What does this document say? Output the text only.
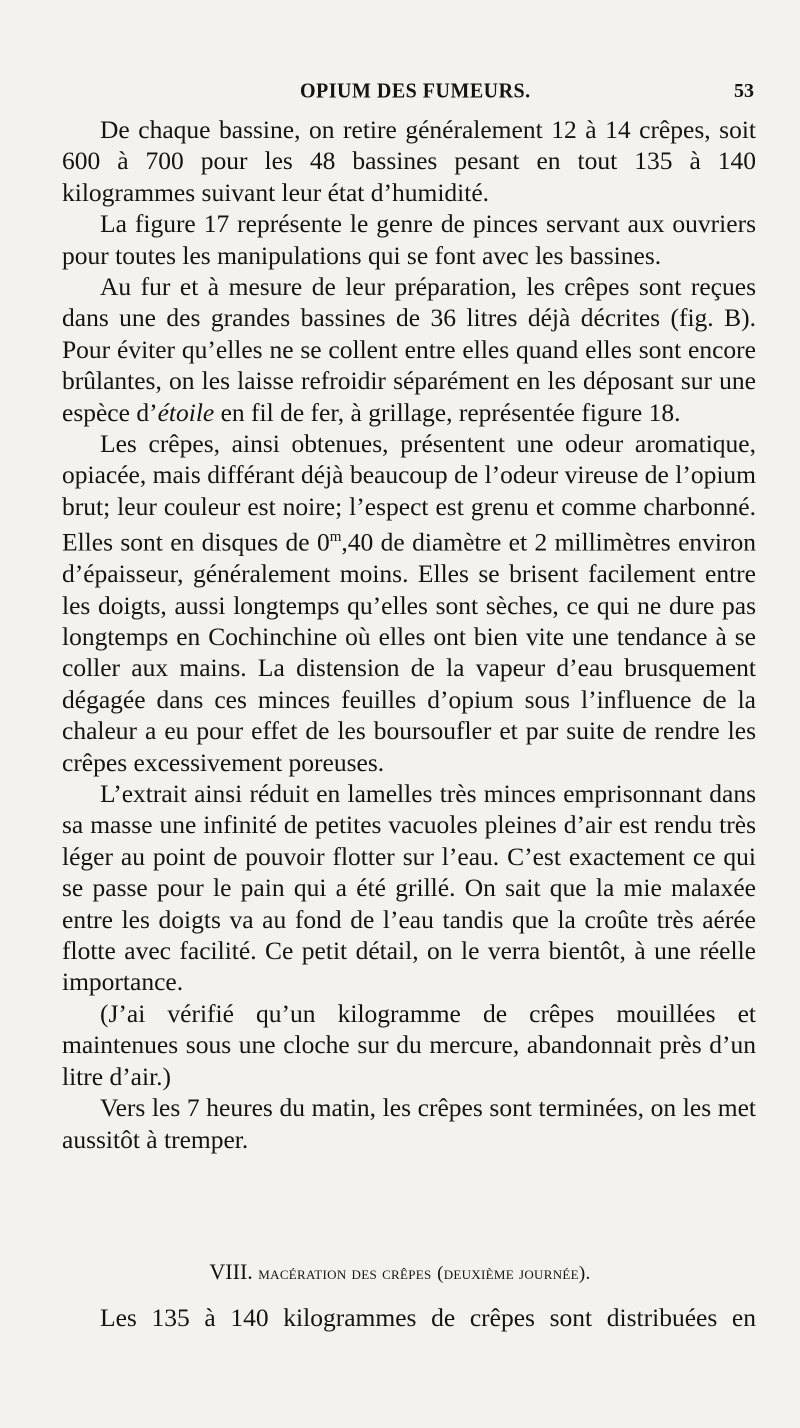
OPIUM DES FUMEURS.	53

De chaque bassine, on retire généralement 12 à 14 crêpes, soit 600 à 700 pour les 48 bassines pesant en tout 135 à 140 kilogrammes suivant leur état d’humidité.

La figure 17 représente le genre de pinces servant aux ouvriers pour toutes les manipulations qui se font avec les bassines.

Au fur et à mesure de leur préparation, les crêpes sont reçues dans une des grandes bassines de 36 litres déjà décrites (fig. B). Pour éviter qu’elles ne se collent entre elles quand elles sont encore brûlantes, on les laisse refroidir séparément en les déposant sur une espèce d’étoile en fil de fer, à grillage, représentée figure 18.

Les crêpes, ainsi obtenues, présentent une odeur aromatique, opiacée, mais différant déjà beaucoup de l’odeur vireuse de l’opium brut; leur couleur est noire; l’espect est grenu et comme charbonné. Elles sont en disques de 0$^m$,40 de diamètre et 2 millimètres environ d’épaisseur, généralement moins. Elles se brisent facilement entre les doigts, aussi longtemps qu’elles sont sèches, ce qui ne dure pas longtemps en Cochinchine où elles ont bien vite une tendance à se coller aux mains. La distension de la vapeur d’eau brusquement dégagée dans ces minces feuilles d’opium sous l’influence de la chaleur a eu pour effet de les boursoufler et par suite de rendre les crêpes excessivement poreuses.

L’extrait ainsi réduit en lamelles très minces emprisonnant dans sa masse une infinité de petites vacuoles pleines d’air est rendu très léger au point de pouvoir flotter sur l’eau. C’est exactement ce qui se passe pour le pain qui a été grillé. On sait que la mie malaxée entre les doigts va au fond de l’eau tandis que la croûte très aérée flotte avec facilité. Ce petit détail, on le verra bientôt, à une réelle importance.

(J’ai vérifié qu’un kilogramme de crêpes mouillées et maintenues sous une cloche sur du mercure, abandonnait près d’un litre d’air.)

Vers les 7 heures du matin, les crêpes sont terminées, on les met aussitôt à tremper.

VIII. macération des crêpes (deuxième journée).
Les 135 à 140 kilogrammes de crêpes sont distribuées en
